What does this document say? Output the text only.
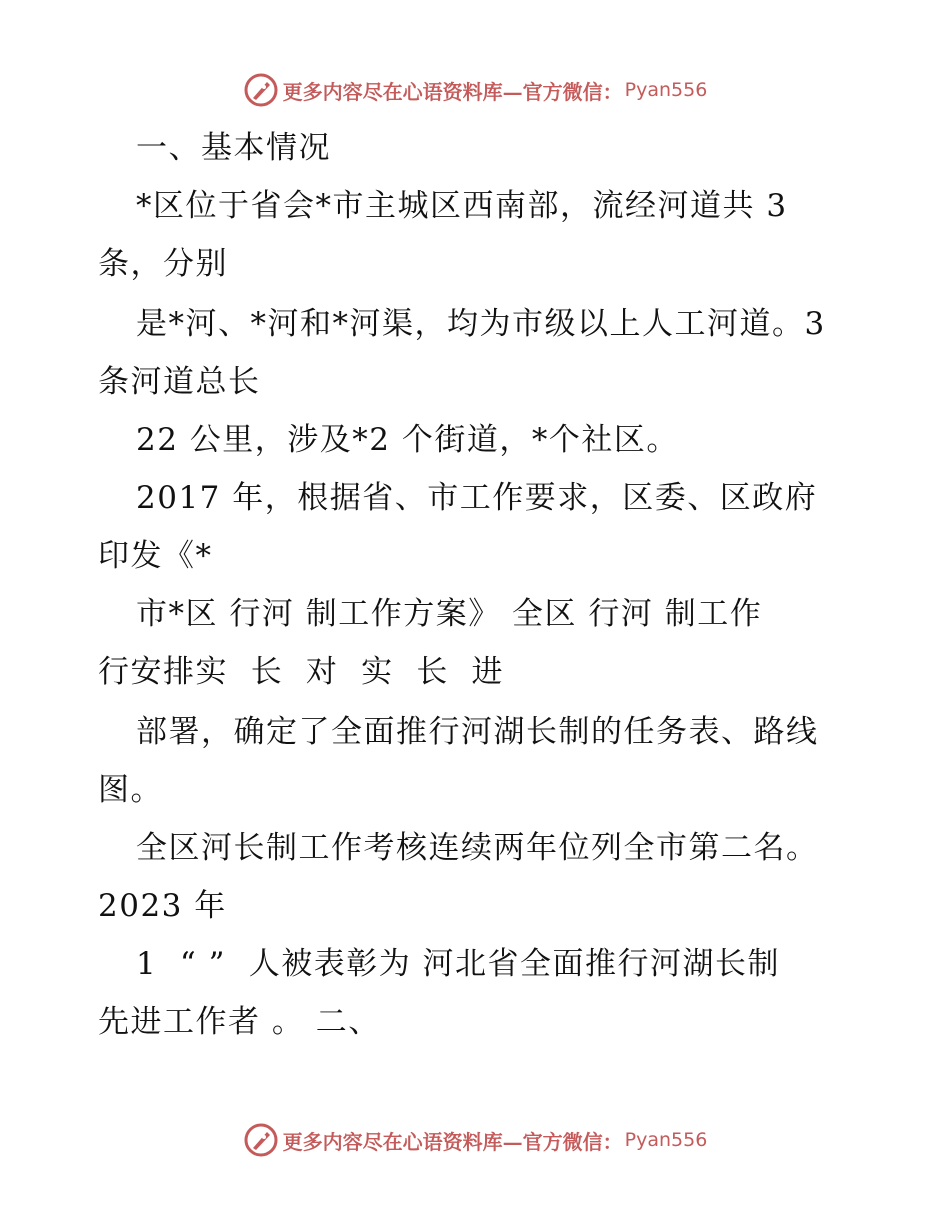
更多内容尽在心语资料库—官方微信： Pyan556
一、基本情况
*区位于省会*市主城区西南部，流经河道共 3
条，分别
是*河、*河和*河渠，均为市级以上人工河道。3
条河道总长
22 公里，涉及*2 个街道，*个社区。
2017 年，根据省、市工作要求，区委、区政府
印发《*
市*区 行河 制工作方案》 全区 行河 制工作
行安排实  长  对  实  长  进
部署，确定了全面推行河湖长制的任务表、路线
图。
全区河长制工作考核连续两年位列全市第二名。
2023 年
1  “ ”  人被表彰为 河北省全面推行河湖长制
先进工作者 。 二、
更多内容尽在心语资料库—官方微信： Pyan556
